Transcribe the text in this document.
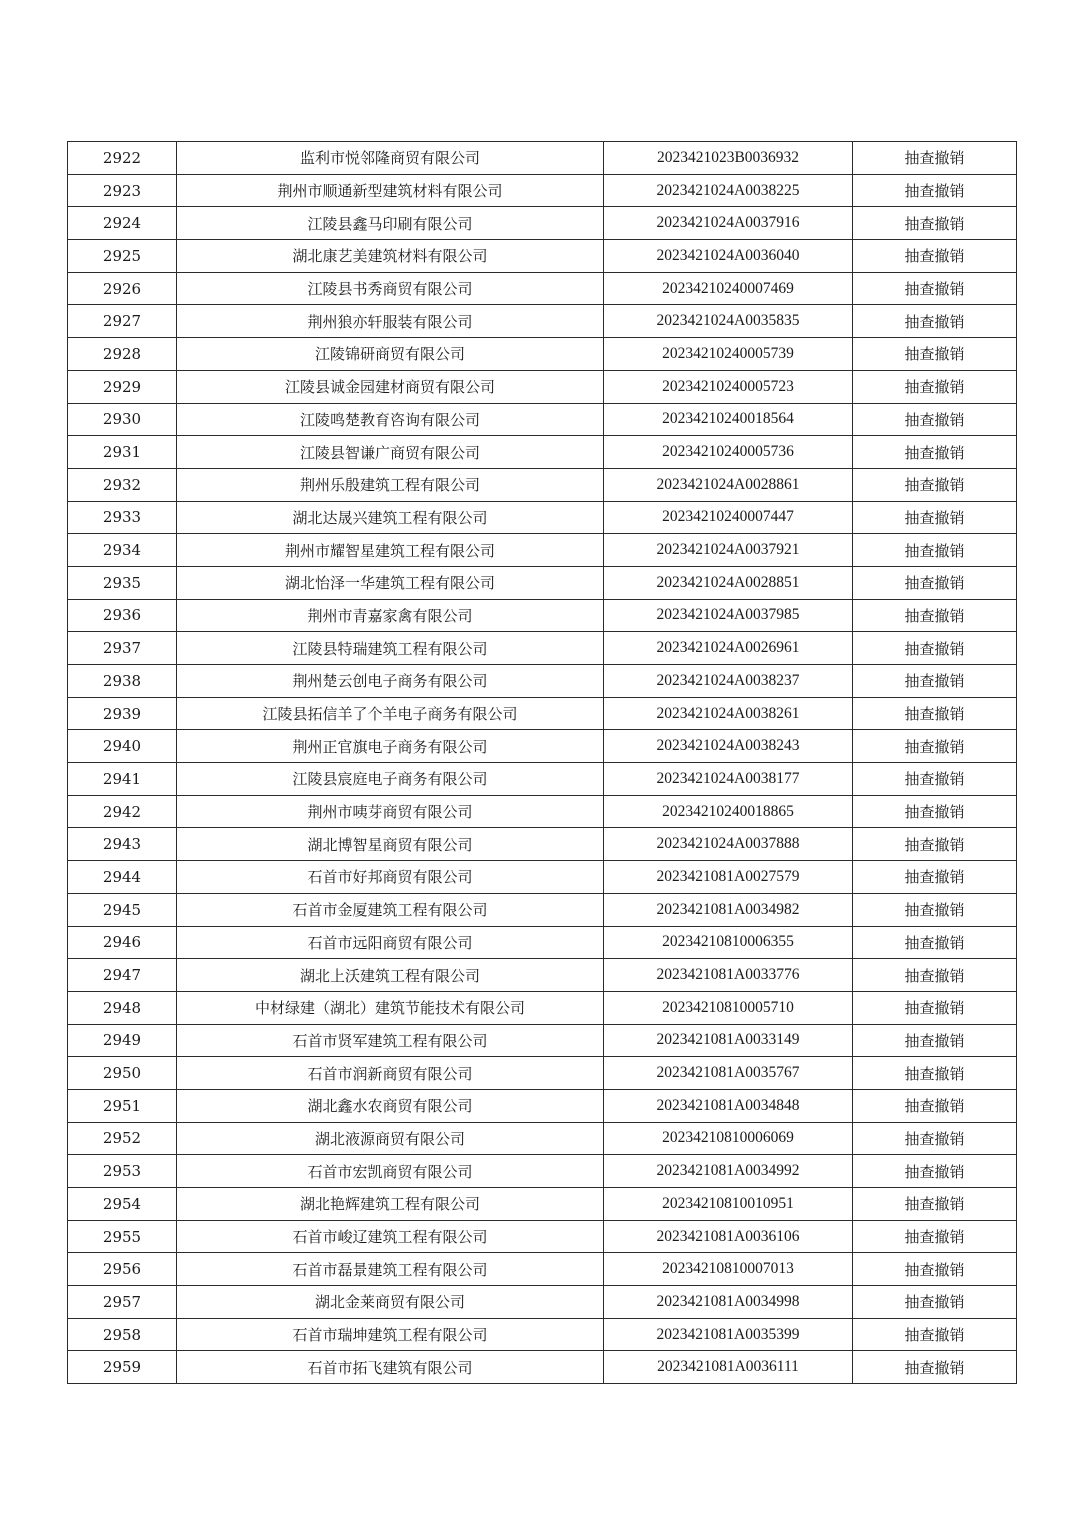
2922	监利市悦邻隆商贸有限公司	2023421023B0036932	抽查撤销
2923	荆州市顺通新型建筑材料有限公司	2023421024A0038225	抽查撤销
2924	江陵县鑫马印刷有限公司	2023421024A0037916	抽查撤销
2925	湖北康艺美建筑材料有限公司	2023421024A0036040	抽查撤销
2926	江陵县书秀商贸有限公司	20234210240007469	抽查撤销
2927	荆州狼亦轩服装有限公司	2023421024A0035835	抽查撤销
2928	江陵锦研商贸有限公司	20234210240005739	抽查撤销
2929	江陵县诚金园建材商贸有限公司	20234210240005723	抽查撤销
2930	江陵鸣楚教育咨询有限公司	20234210240018564	抽查撤销
2931	江陵县智谦广商贸有限公司	20234210240005736	抽查撤销
2932	荆州乐殷建筑工程有限公司	2023421024A0028861	抽查撤销
2933	湖北达晟兴建筑工程有限公司	20234210240007447	抽查撤销
2934	荆州市耀智星建筑工程有限公司	2023421024A0037921	抽查撤销
2935	湖北怡泽一华建筑工程有限公司	2023421024A0028851	抽查撤销
2936	荆州市青嘉家禽有限公司	2023421024A0037985	抽查撤销
2937	江陵县特瑞建筑工程有限公司	2023421024A0026961	抽查撤销
2938	荆州楚云创电子商务有限公司	2023421024A0038237	抽查撤销
2939	江陵县拓信羊了个羊电子商务有限公司	2023421024A0038261	抽查撤销
2940	荆州正官旗电子商务有限公司	2023421024A0038243	抽查撤销
2941	江陵县宸庭电子商务有限公司	2023421024A0038177	抽查撤销
2942	荆州市咦芽商贸有限公司	20234210240018865	抽查撤销
2943	湖北博智星商贸有限公司	2023421024A0037888	抽查撤销
2944	石首市好邦商贸有限公司	2023421081A0027579	抽查撤销
2945	石首市金厦建筑工程有限公司	2023421081A0034982	抽查撤销
2946	石首市远阳商贸有限公司	20234210810006355	抽查撤销
2947	湖北上沃建筑工程有限公司	2023421081A0033776	抽查撤销
2948	中材绿建（湖北）建筑节能技术有限公司	20234210810005710	抽查撤销
2949	石首市贤军建筑工程有限公司	2023421081A0033149	抽查撤销
2950	石首市润新商贸有限公司	2023421081A0035767	抽查撤销
2951	湖北鑫水农商贸有限公司	2023421081A0034848	抽查撤销
2952	湖北液源商贸有限公司	20234210810006069	抽查撤销
2953	石首市宏凯商贸有限公司	2023421081A0034992	抽查撤销
2954	湖北艳辉建筑工程有限公司	20234210810010951	抽查撤销
2955	石首市峻辽建筑工程有限公司	2023421081A0036106	抽查撤销
2956	石首市磊景建筑工程有限公司	20234210810007013	抽查撤销
2957	湖北金莱商贸有限公司	2023421081A0034998	抽查撤销
2958	石首市瑞坤建筑工程有限公司	2023421081A0035399	抽查撤销
2959	石首市拓飞建筑有限公司	2023421081A0036111	抽查撤销
